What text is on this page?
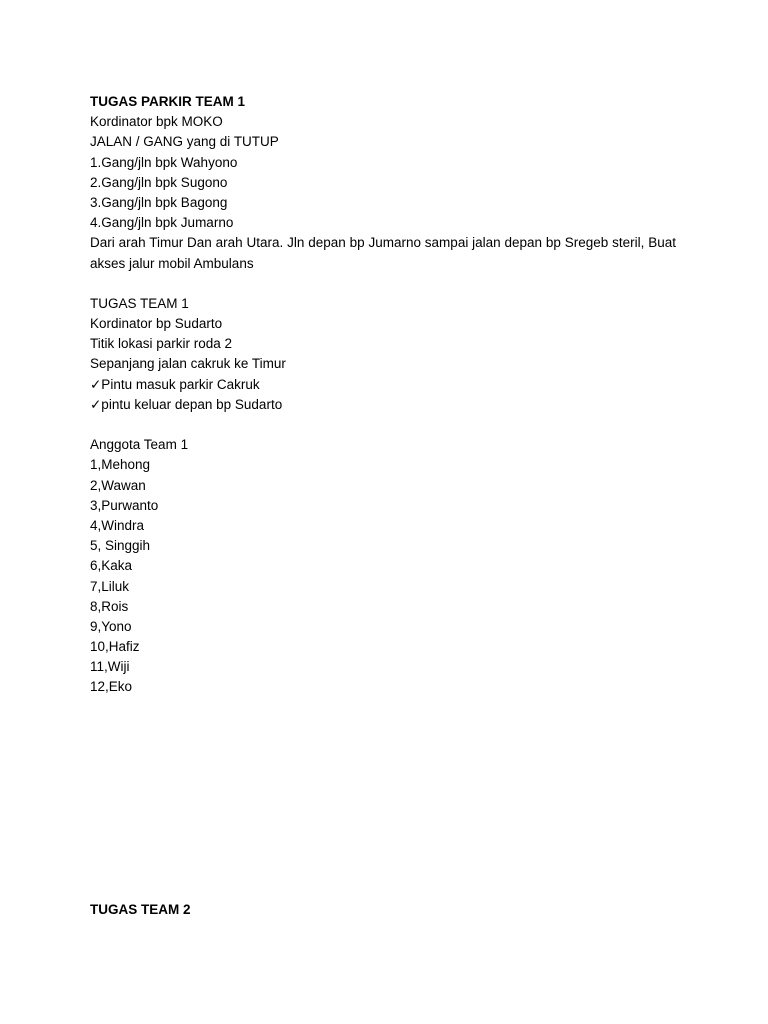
TUGAS PARKIR TEAM 1
Kordinator bpk MOKO
JALAN / GANG yang di TUTUP
1.Gang/jln bpk Wahyono
2.Gang/jln bpk Sugono
3.Gang/jln bpk Bagong
4.Gang/jln bpk Jumarno
Dari arah Timur Dan arah Utara. Jln depan bp Jumarno sampai jalan depan bp Sregeb steril, Buat akses jalur mobil Ambulans
TUGAS TEAM 1
Kordinator bp Sudarto
Titik lokasi parkir roda 2
Sepanjang jalan cakruk ke Timur
✓Pintu masuk parkir Cakruk
✓pintu keluar depan bp Sudarto
Anggota Team 1
1,Mehong
2,Wawan
3,Purwanto
4,Windra
5, Singgih
6,Kaka
7,Liluk
8,Rois
9,Yono
10,Hafiz
11,Wiji
12,Eko
TUGAS TEAM 2
